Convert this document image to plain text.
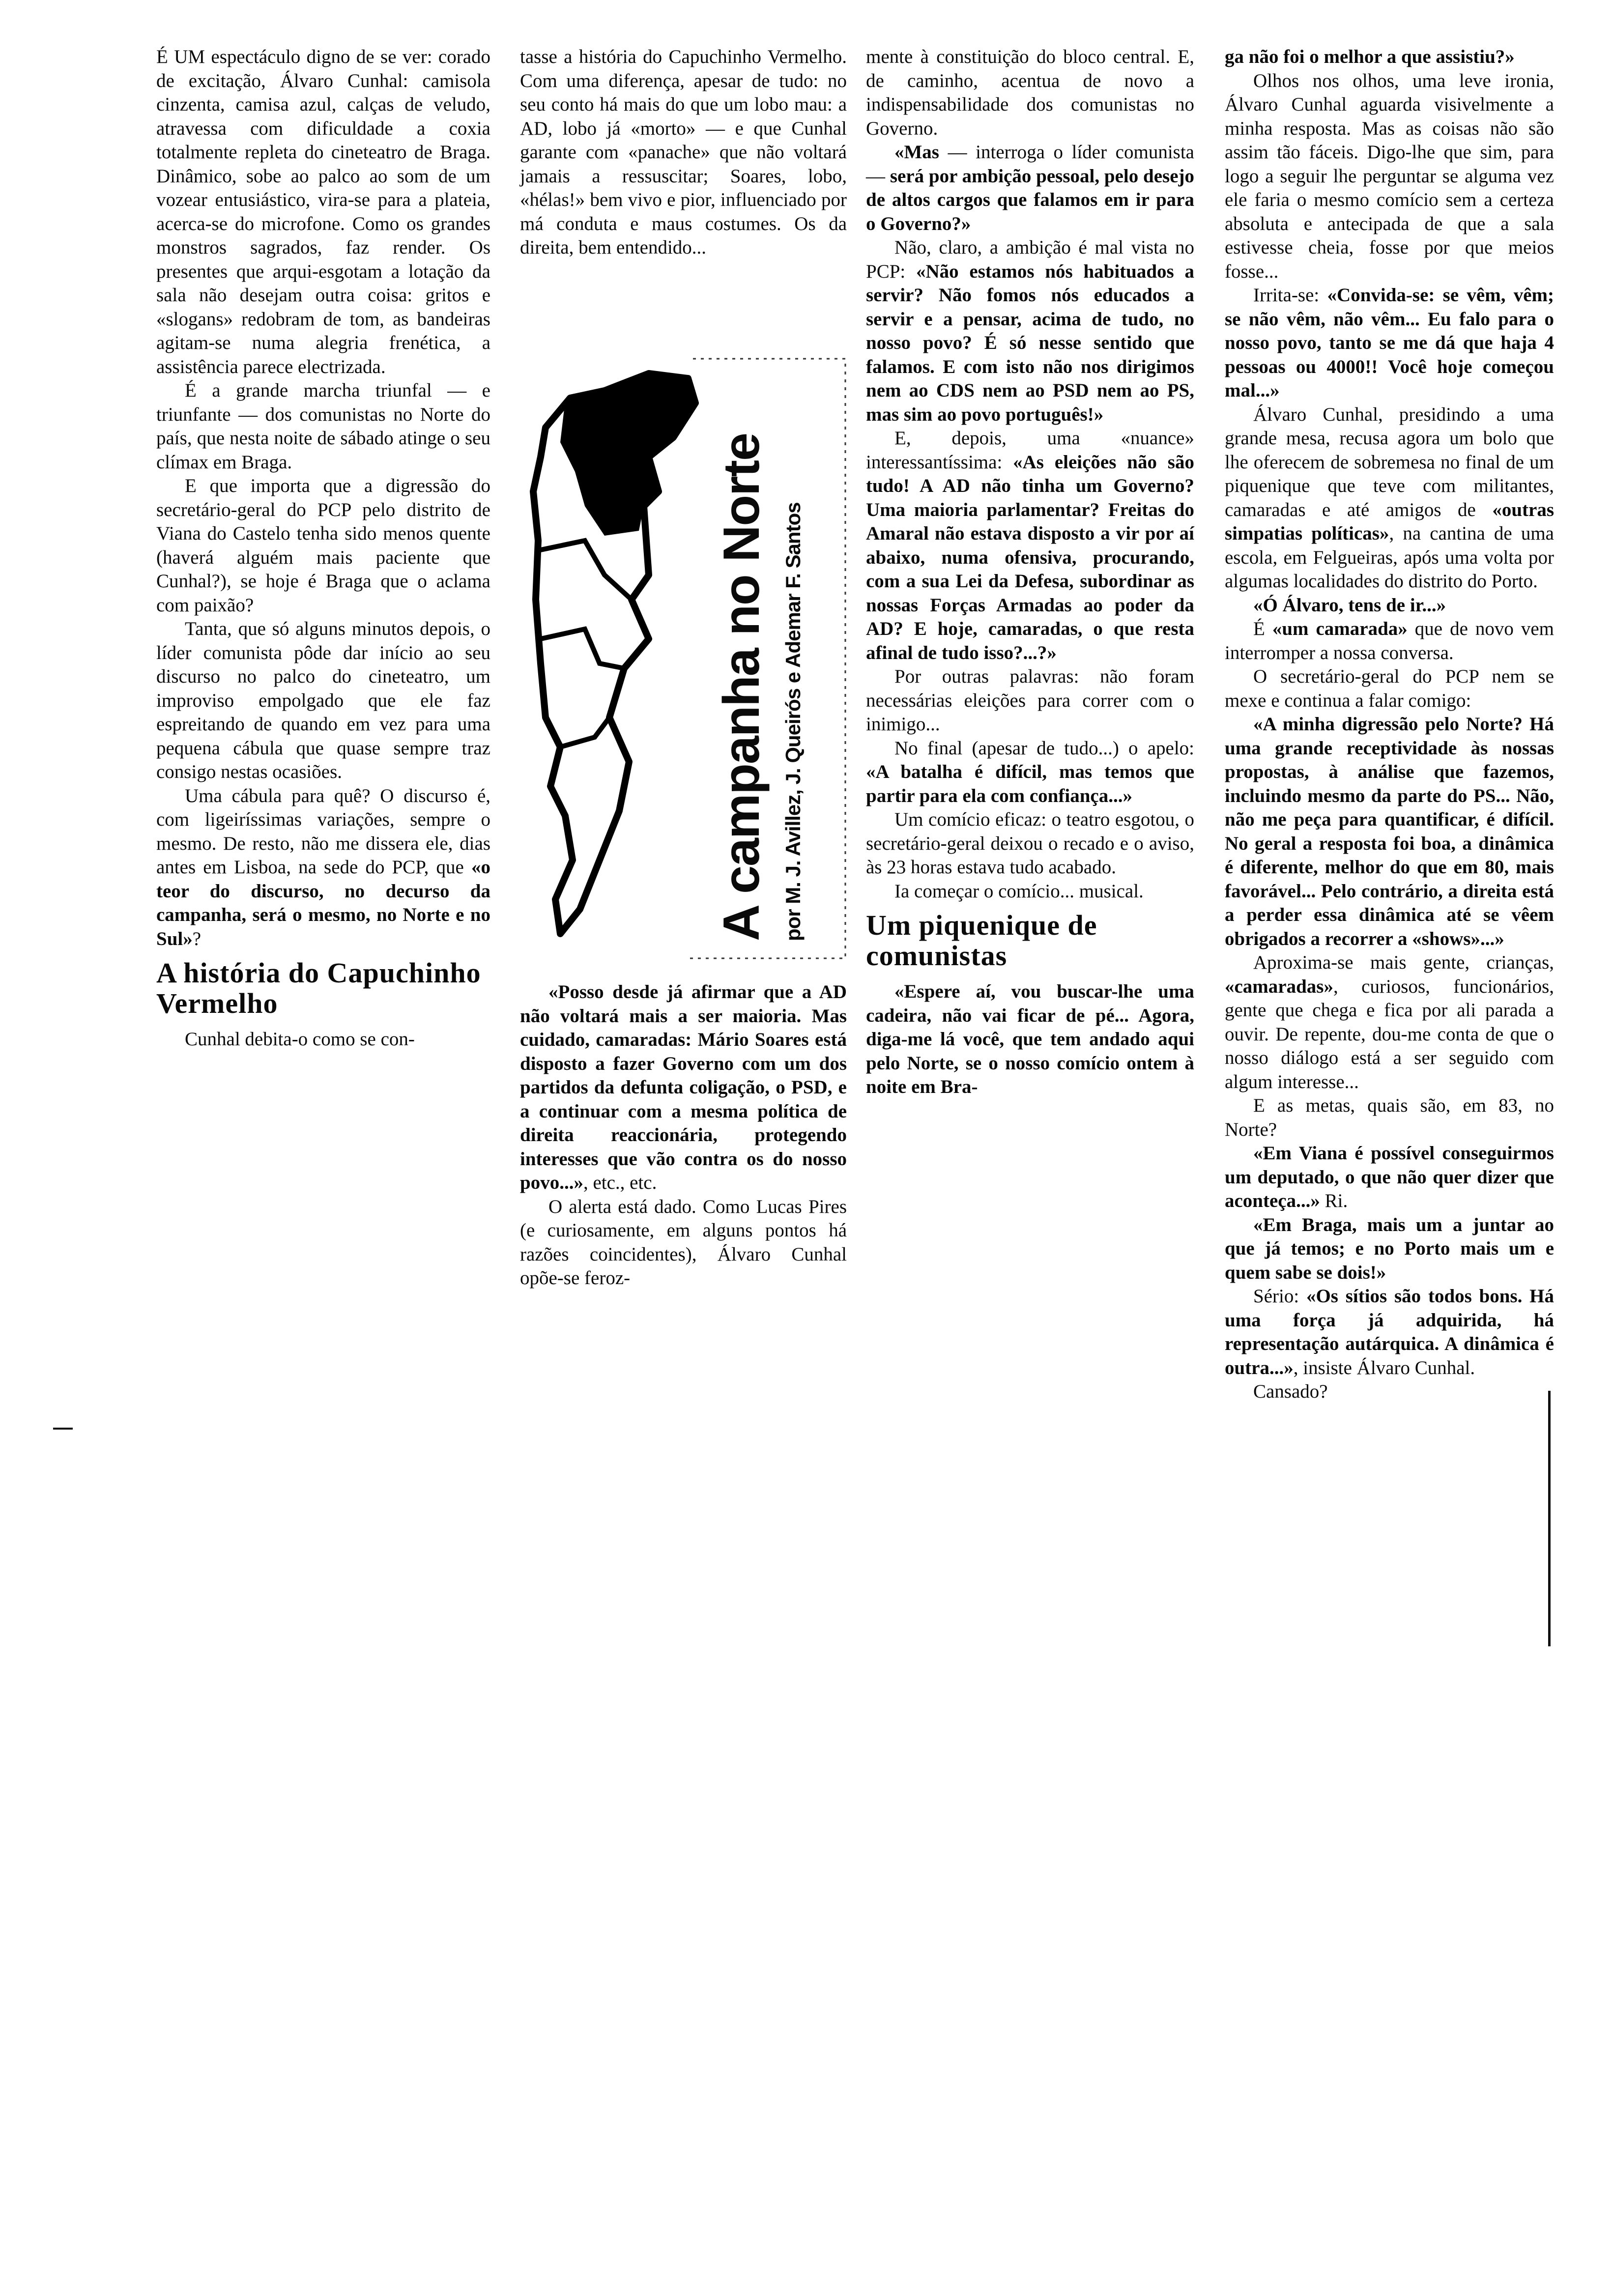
É UM espectáculo digno de se ver: corado de excitação, Álvaro Cunhal: camisola cinzenta, camisa azul, calças de veludo, atravessa com dificuldade a coxia totalmente repleta do cineteatro de Braga. Dinâmico, sobe ao palco ao som de um vozear entusiástico, vira-se para a plateia, acerca-se do microfone. Como os grandes monstros sagrados, faz render. Os presentes que arqui-esgotam a lotação da sala não desejam outra coisa: gritos e «slogans» redobram de tom, as bandeiras agitam-se numa alegria frenética, a assistência parece electrizada.

É a grande marcha triunfal — e triunfante — dos comunistas no Norte do país, que nesta noite de sábado atinge o seu clímax em Braga.

E que importa que a digressão do secretário-geral do PCP pelo distrito de Viana do Castelo tenha sido menos quente (haverá alguém mais paciente que Cunhal?), se hoje é Braga que o aclama com paixão?

Tanta, que só alguns minutos depois, o líder comunista pôde dar início ao seu discurso no palco do cineteatro, um improviso empolgado que ele faz espreitando de quando em vez para uma pequena cábula que quase sempre traz consigo nestas ocasiões.

Uma cábula para quê? O discurso é, com ligeiríssimas variações, sempre o mesmo. De resto, não me dissera ele, dias antes em Lisboa, na sede do PCP, que «o teor do discurso, no decurso da campanha, será o mesmo, no Norte e no Sul»?

A história do Capuchinho Vermelho

Cunhal debita-o como se con-

tasse a história do Capuchinho Vermelho. Com uma diferença, apesar de tudo: no seu conto há mais do que um lobo mau: a AD, lobo já «morto» — e que Cunhal garante com «panache» que não voltará jamais a ressuscitar; Soares, lobo, «hélas!» bem vivo e pior, influenciado por má conduta e maus costumes. Os da direita, bem entendido...

A campanha no Norte por M. J. Avillez, J. Queirós e Ademar F. Santos

«Posso desde já afirmar que a AD não voltará mais a ser maioria. Mas cuidado, camaradas: Mário Soares está disposto a fazer Governo com um dos partidos da defunta coligação, o PSD, e a continuar com a mesma política de direita reaccionária, protegendo interesses que vão contra os do nosso povo...», etc., etc.

O alerta está dado. Como Lucas Pires (e curiosamente, em alguns pontos há razões coincidentes), Álvaro Cunhal opõe-se feroz-

mente à constituição do bloco central. E, de caminho, acentua de novo a indispensabilidade dos comunistas no Governo.

«Mas — interroga o líder comunista — será por ambição pessoal, pelo desejo de altos cargos que falamos em ir para o Governo?»

Não, claro, a ambição é mal vista no PCP: «Não estamos nós habituados a servir? Não fomos nós educados a servir e a pensar, acima de tudo, no nosso povo? É só nesse sentido que falamos. E com isto não nos dirigimos nem ao CDS nem ao PSD nem ao PS, mas sim ao povo português!»

E, depois, uma «nuance» interessantíssima: «As eleições não são tudo! A AD não tinha um Governo? Uma maioria parlamentar? Freitas do Amaral não estava disposto a vir por aí abaixo, numa ofensiva, procurando, com a sua Lei da Defesa, subordinar as nossas Forças Armadas ao poder da AD? E hoje, camaradas, o que resta afinal de tudo isso?...?»

Por outras palavras: não foram necessárias eleições para correr com o inimigo...

No final (apesar de tudo...) o apelo: «A batalha é difícil, mas temos que partir para ela com confiança...»

Um comício eficaz: o teatro esgotou, o secretário-geral deixou o recado e o aviso, às 23 horas estava tudo acabado.

Ia começar o comício... musical.

Um piquenique de comunistas

«Espere aí, vou buscar-lhe uma cadeira, não vai ficar de pé... Agora, diga-me lá você, que tem andado aqui pelo Norte, se o nosso comício ontem à noite em Bra-

ga não foi o melhor a que assistiu?»

Olhos nos olhos, uma leve ironia, Álvaro Cunhal aguarda visivelmente a minha resposta. Mas as coisas não são assim tão fáceis. Digo-lhe que sim, para logo a seguir lhe perguntar se alguma vez ele faria o mesmo comício sem a certeza absoluta e antecipada de que a sala estivesse cheia, fosse por que meios fosse...

Irrita-se: «Convida-se: se vêm, vêm; se não vêm, não vêm... Eu falo para o nosso povo, tanto se me dá que haja 4 pessoas ou 4000!! Você hoje começou mal...»

Álvaro Cunhal, presidindo a uma grande mesa, recusa agora um bolo que lhe oferecem de sobremesa no final de um piquenique que teve com militantes, camaradas e até amigos de «outras simpatias políticas», na cantina de uma escola, em Felgueiras, após uma volta por algumas localidades do distrito do Porto.

«Ó Álvaro, tens de ir...»

É «um camarada» que de novo vem interromper a nossa conversa.

O secretário-geral do PCP nem se mexe e continua a falar comigo:

«A minha digressão pelo Norte? Há uma grande receptividade às nossas propostas, à análise que fazemos, incluindo mesmo da parte do PS... Não, não me peça para quantificar, é difícil. No geral a resposta foi boa, a dinâmica é diferente, melhor do que em 80, mais favorável... Pelo contrário, a direita está a perder essa dinâmica até se vêem obrigados a recorrer a «shows»...»

Aproxima-se mais gente, crianças, «camaradas», curiosos, funcionários, gente que chega e fica por ali parada a ouvir. De repente, dou-me conta de que o nosso diálogo está a ser seguido com algum interesse...

E as metas, quais são, em 83, no Norte?

«Em Viana é possível conseguirmos um deputado, o que não quer dizer que aconteça...» Ri.

«Em Braga, mais um a juntar ao que já temos; e no Porto mais um e quem sabe se dois!»

Sério: «Os sítios são todos bons. Há uma força já adquirida, há representação autárquica. A dinâmica é outra...», insiste Álvaro Cunhal.

Cansado?
